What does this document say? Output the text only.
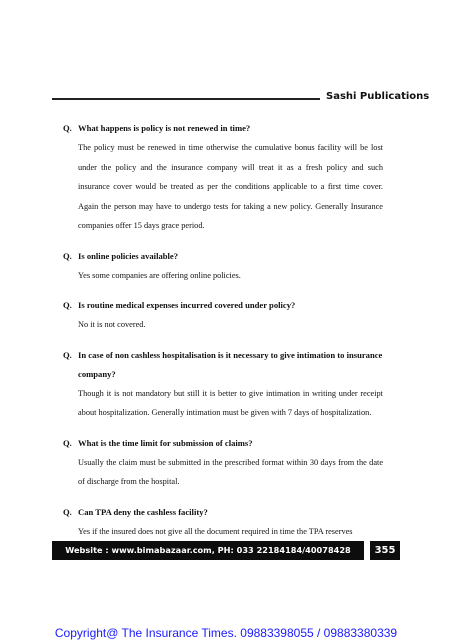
Sashi Publications
Q. What happens is policy is not renewed in time?
The policy must be renewed in time otherwise the cumulative bonus facility will be lost under the policy and the insurance company will treat it as a fresh policy and such insurance cover would be treated as per the conditions applicable to a first time cover. Again the person may have to undergo tests for taking a new policy. Generally Insurance companies offer 15 days grace period.
Q. Is online policies available?
Yes some companies are offering online policies.
Q. Is routine medical expenses incurred covered under policy?
No it is not covered.
Q. In case of non cashless hospitalisation is it necessary to give intimation to insurance company?
Though it is not mandatory but still it is better to give intimation in writing under receipt about hospitalization. Generally intimation must be given with 7 days of hospitalization.
Q. What is the time limit for submission of claims?
Usually the claim must be submitted in the prescribed format within 30 days from the date of discharge from the hospital.
Q. Can TPA deny the cashless facility?
Yes if the insured does not give all the document required in time the TPA reserves
Website : www.bimabazaar.com, PH: 033 22184184/40078428	355
Copyright@ The Insurance Times. 09883398055 / 09883380339
